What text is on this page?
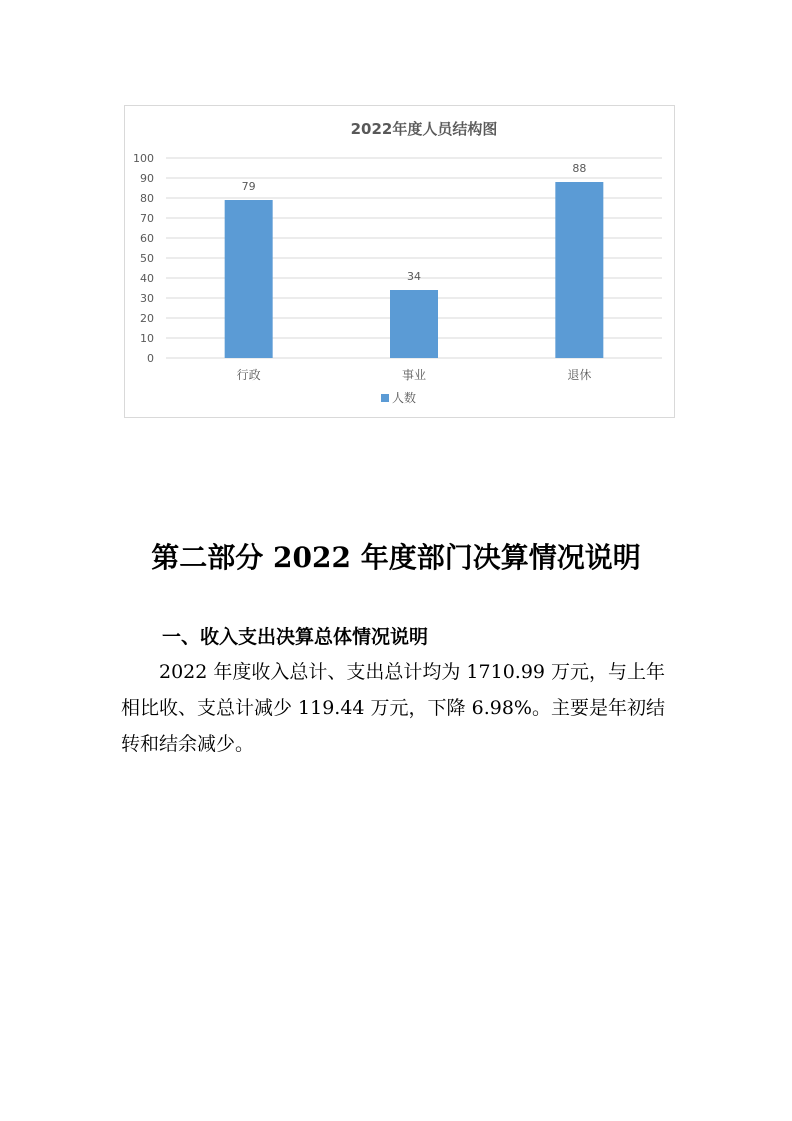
2022年度人员结构图
0
10
20
30
40
50
60
70
80
90
100
79
行政
34
事业
88
退休
人数
第二部分 2022 年度部门决算情况说明
一、收入支出决算总体情况说明

2022 年度收入总计、支出总计均为 1710.99 万元，与上年相比收、支总计减少 119.44 万元，下降 6.98%。主要是年初结转和结余减少。
